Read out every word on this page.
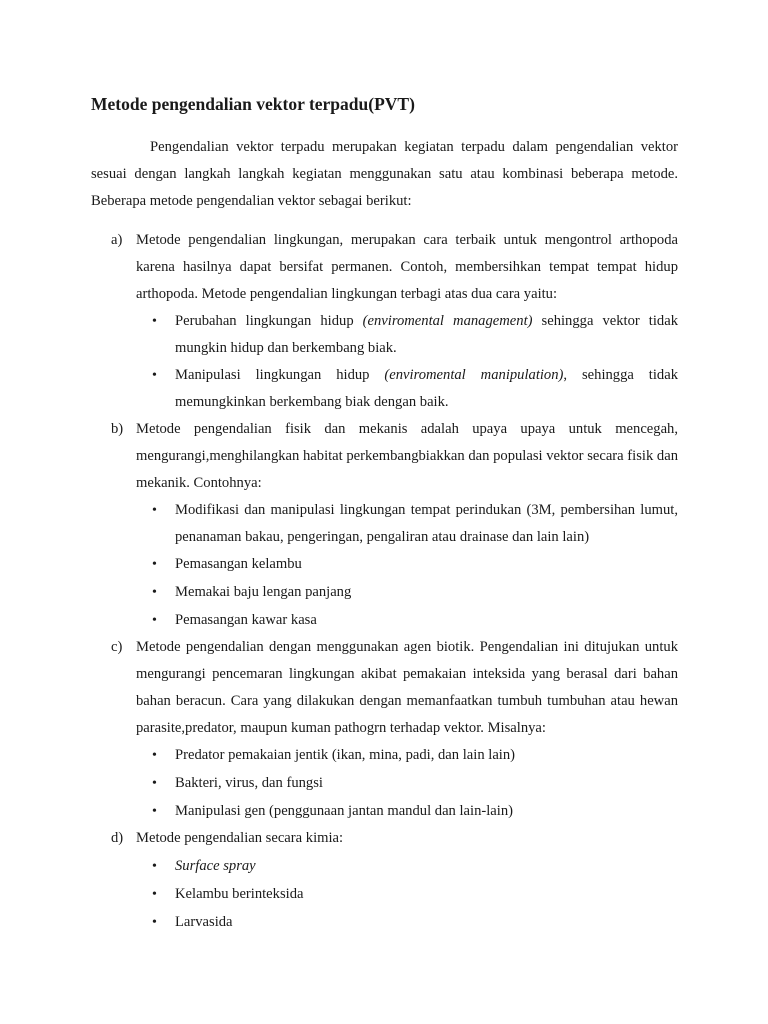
Metode pengendalian vektor terpadu(PVT)

Pengendalian vektor terpadu merupakan kegiatan terpadu dalam pengendalian vektor sesuai dengan langkah langkah kegiatan menggunakan satu atau kombinasi beberapa metode. Beberapa metode pengendalian vektor sebagai berikut:

a) Metode pengendalian lingkungan, merupakan cara terbaik untuk mengontrol arthopoda karena hasilnya dapat bersifat permanen. Contoh, membersihkan tempat tempat hidup arthopoda. Metode pengendalian lingkungan terbagi atas dua cara yaitu:
• Perubahan lingkungan hidup (enviromental management) sehingga vektor tidak mungkin hidup dan berkembang biak.
• Manipulasi lingkungan hidup (enviromental manipulation), sehingga tidak memungkinkan berkembang biak dengan baik.
b) Metode pengendalian fisik dan mekanis adalah upaya upaya untuk mencegah, mengurangi,menghilangkan habitat perkembangbiakkan dan populasi vektor secara fisik dan mekanik. Contohnya:
• Modifikasi dan manipulasi lingkungan tempat perindukan (3M, pembersihan lumut, penanaman bakau, pengeringan, pengaliran atau drainase dan lain lain)
• Pemasangan kelambu
• Memakai baju lengan panjang
• Pemasangan kawar kasa
c) Metode pengendalian dengan menggunakan agen biotik. Pengendalian ini ditujukan untuk mengurangi pencemaran lingkungan akibat pemakaian inteksida yang berasal dari bahan bahan beracun. Cara yang dilakukan dengan memanfaatkan tumbuh tumbuhan atau hewan parasite,predator, maupun kuman pathogrn terhadap vektor. Misalnya:
• Predator pemakaian jentik (ikan, mina, padi, dan lain lain)
• Bakteri, virus, dan fungsi
• Manipulasi gen (penggunaan jantan mandul dan lain-lain)
d) Metode pengendalian secara kimia:
• Surface spray
• Kelambu berinteksida
• Larvasida
